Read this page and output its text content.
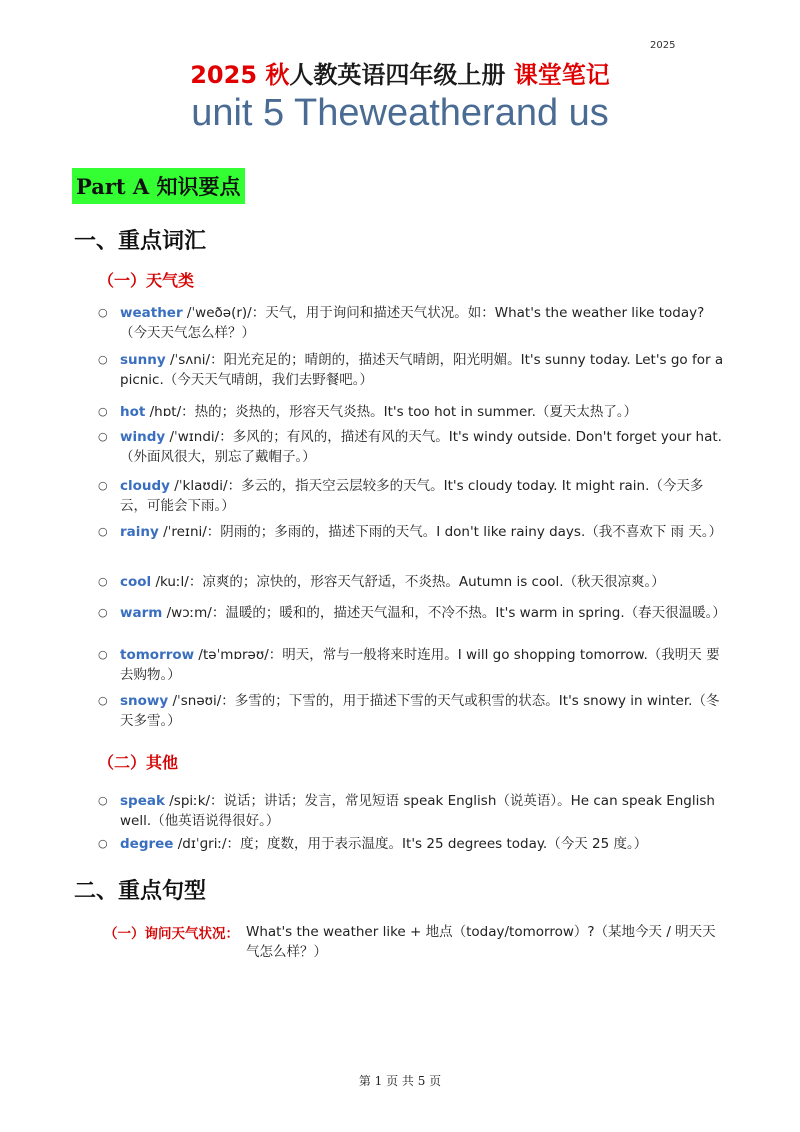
2025
2025 秋人教英语四年级上册 课堂笔记
unit 5 Theweatherand us
Part A 知识要点
一、重点词汇
（一）天气类
○ weather /ˈweðə(r)/：天气，用于询问和描述天气状况。如：What's the weather like today?（今天天气怎么样？）
○ sunny /ˈsʌni/：阳光充足的；晴朗的，描述天气晴朗，阳光明媚。It's sunny today. Let's go for a picnic.（今天天气晴朗，我们去野餐吧。）
○ hot /hɒt/：热的；炎热的，形容天气炎热。It's too hot in summer.（夏天太热了。）
○ windy /ˈwɪndi/：多风的；有风的，描述有风的天气。It's windy outside. Don't forget your hat.（外面风很大，别忘了戴帽子。）
○ cloudy /ˈklaʊdi/：多云的，指天空云层较多的天气。It's cloudy today. It might rain.（今天多 云，可能会下雨。）
○ rainy /ˈreɪni/：阴雨的；多雨的，描述下雨的天气。I don't like rainy days.（我不喜欢下 雨 天。）
○ cool /kuːl/：凉爽的；凉快的，形容天气舒适，不炎热。Autumn is cool.（秋天很凉爽。）
○ warm /wɔːm/：温暖的；暖和的，描述天气温和，不冷不热。It's warm in spring.（春天很温暖。）
○ tomorrow /təˈmɒrəʊ/：明天，常与一般将来时连用。I will go shopping tomorrow.（我明天 要去购物。）
○ snowy /ˈsnəʊi/：多雪的；下雪的，用于描述下雪的天气或积雪的状态。It's snowy in winter.（冬天多雪。）
（二）其他
○ speak /spiːk/：说话；讲话；发言，常见短语 speak English（说英语）。He can speak English well.（他英语说得很好。）
○ degree /dɪˈɡriː/：度；度数，用于表示温度。It's 25 degrees today.（今天 25 度。）
二、重点句型
（一）询问天气状况： What's the weather like + 地点（today/tomorrow）?（某地今天 / 明天天 气怎么样？）
第 1 页 共 5 页
